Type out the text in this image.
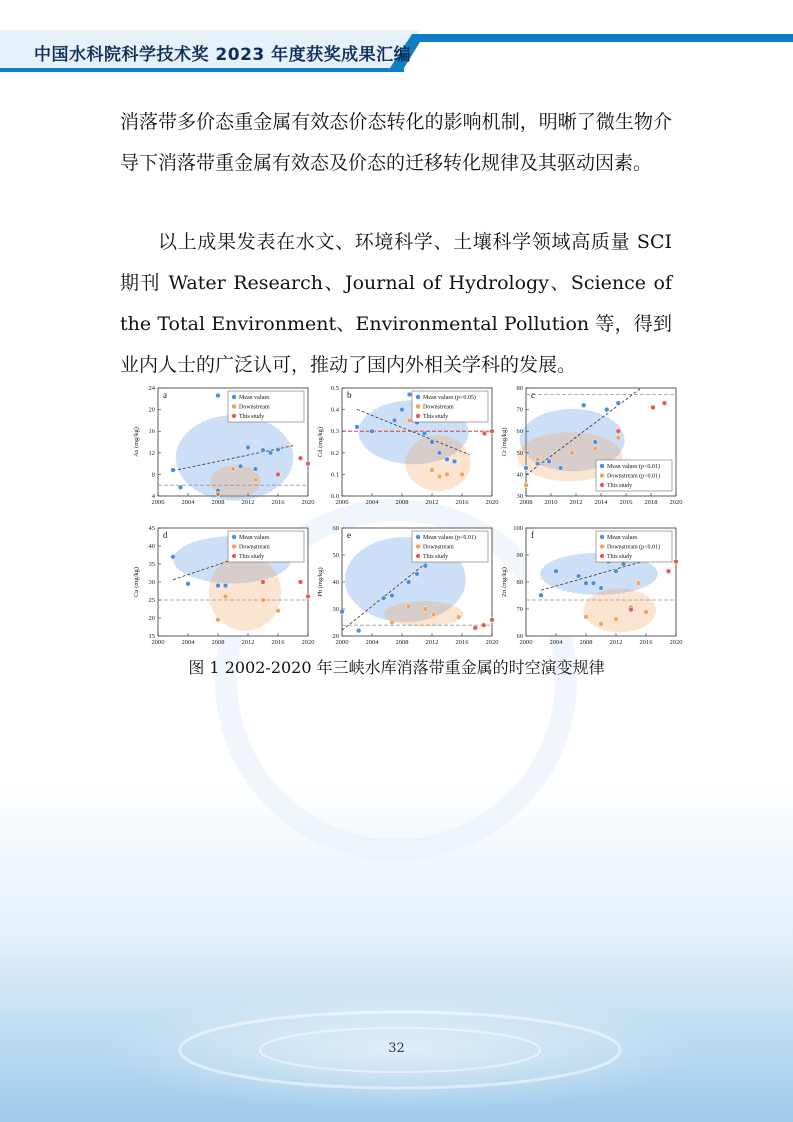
中国水科院科学技术奖 2023 年度获奖成果汇编
消落带多价态重金属有效态价态转化的影响机制，明晰了微生物介导下消落带重金属有效态及价态的迁移转化规律及其驱动因素。
以上成果发表在水文、环境科学、土壤科学领域高质量 SCI 期刊 Water Research、Journal of Hydrology、Science of the Total Environment、Environmental Pollution 等，得到业内人士的广泛认可，推动了国内外相关学科的发展。
2000	2004	2008	2012	2016	2020
4
8
12
16
20
24
As (mg/kg)
a	Mean values
Downstream
This study
2000	2004	2008	2012	2016	2020
0.0
0.1
0.2
0.3
0.4
0.5
Cd (mg/kg)
b	Mean values (p<0.05)
Downstream
This study
2008 2010 2012 2014 2016 2018 2020
30
40
50
60
70
80
Cr (mg/kg)
c
Mean values (p<0.01)
Downstream (p<0.01)
This study
2000	2004	2008	2012	2016	2020
15
20
25
30
35
40
45
Cu (mg/kg)
d	Mean values
Downstream
This study
2000	2004	2008	2012	2016	2020
20
30
40
50
60
Pb (mg/kg)
e	Mean values (p<0.01)
Downstream
This study
2000	2004	2008	2012	2016	2020
60
70
80
90
100
Zn (mg/kg)
f	Mean values
Downstream (p<0.01)
This study
图 1 2002-2020 年三峡水库消落带重金属的时空演变规律
32
